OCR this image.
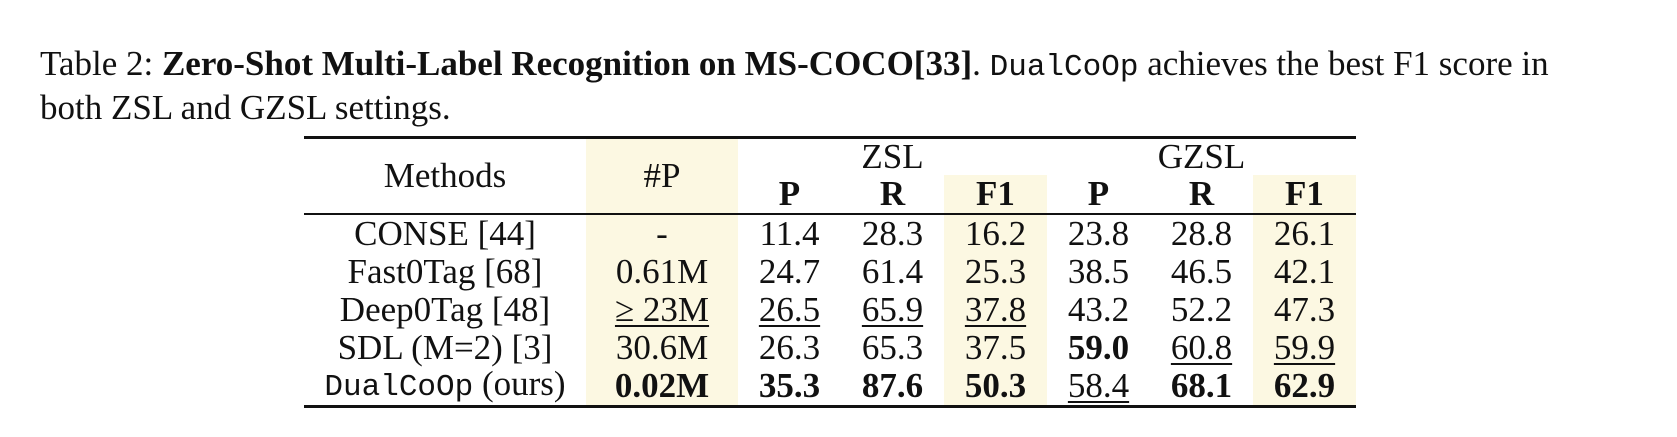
Table 2: Zero-Shot Multi-Label Recognition on MS-COCO[33]. DualCoOp achieves the best F1 score in
both ZSL and GZSL settings.
Methods	#P	ZSL			GZSL		
		P	R	F1	P	R	F1
CONSE [44]	-	11.4	28.3	16.2	23.8	28.8	26.1
Fast0Tag [68]	0.61M	24.7	61.4	25.3	38.5	46.5	42.1
Deep0Tag [48]	≥ 23M	26.5	65.9	37.8	43.2	52.2	47.3
SDL (M=2) [3]	30.6M	26.3	65.3	37.5	59.0	60.8	59.9
DualCoOp (ours)	0.02M	35.3	87.6	50.3	58.4	68.1	62.9
